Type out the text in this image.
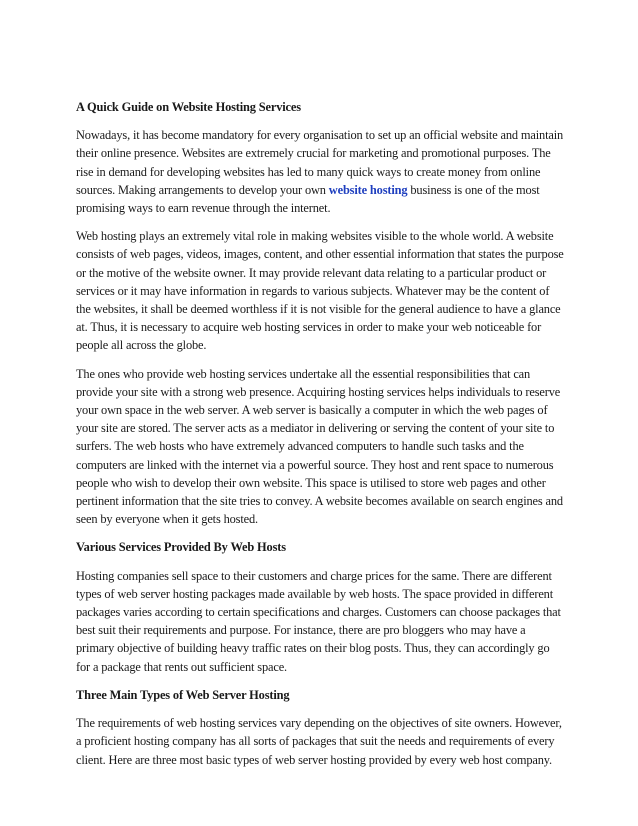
A Quick Guide on Website Hosting Services
Nowadays, it has become mandatory for every organisation to set up an official website and maintain their online presence. Websites are extremely crucial for marketing and promotional purposes. The rise in demand for developing websites has led to many quick ways to create money from online sources. Making arrangements to develop your own website hosting business is one of the most promising ways to earn revenue through the internet.
Web hosting plays an extremely vital role in making websites visible to the whole world. A website consists of web pages, videos, images, content, and other essential information that states the purpose or the motive of the website owner. It may provide relevant data relating to a particular product or services or it may have information in regards to various subjects. Whatever may be the content of the websites, it shall be deemed worthless if it is not visible for the general audience to have a glance at. Thus, it is necessary to acquire web hosting services in order to make your web noticeable for people all across the globe.
The ones who provide web hosting services undertake all the essential responsibilities that can provide your site with a strong web presence. Acquiring hosting services helps individuals to reserve your own space in the web server. A web server is basically a computer in which the web pages of your site are stored. The server acts as a mediator in delivering or serving the content of your site to surfers. The web hosts who have extremely advanced computers to handle such tasks and the computers are linked with the internet via a powerful source. They host and rent space to numerous people who wish to develop their own website. This space is utilised to store web pages and other pertinent information that the site tries to convey. A website becomes available on search engines and seen by everyone when it gets hosted.
Various Services Provided By Web Hosts
Hosting companies sell space to their customers and charge prices for the same. There are different types of web server hosting packages made available by web hosts. The space provided in different packages varies according to certain specifications and charges. Customers can choose packages that best suit their requirements and purpose. For instance, there are pro bloggers who may have a primary objective of building heavy traffic rates on their blog posts. Thus, they can accordingly go for a package that rents out sufficient space.
Three Main Types of Web Server Hosting
The requirements of web hosting services vary depending on the objectives of site owners. However, a proficient hosting company has all sorts of packages that suit the needs and requirements of every client. Here are three most basic types of web server hosting provided by every web host company.
